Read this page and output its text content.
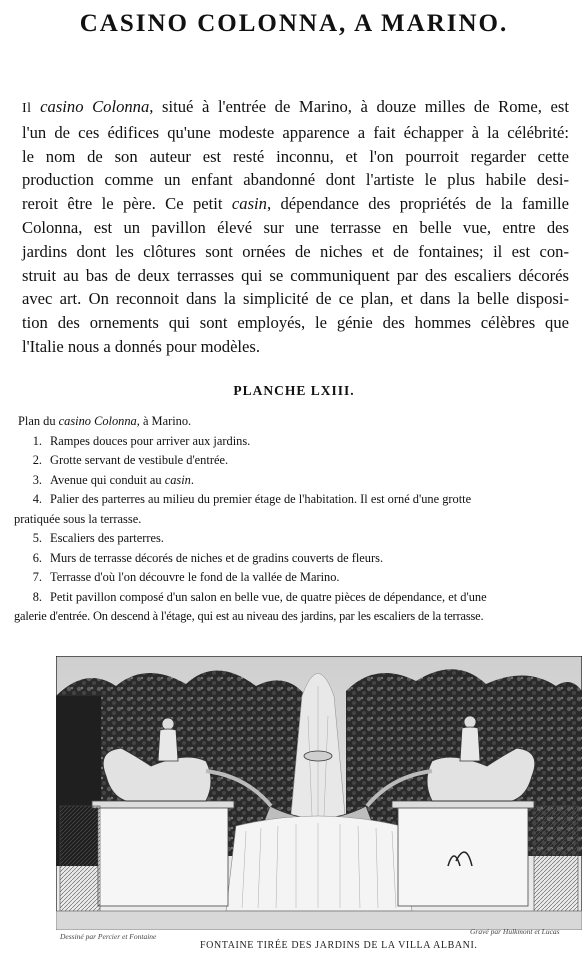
CASINO COLONNA, A MARINO.
Il casino Colonna, situé à l'entrée de Marino, à douze milles de Rome, est
l'un de ces édifices qu'une modeste apparence a fait échapper à la célébrité:
le nom de son auteur est resté inconnu, et l'on pourroit regarder cette
production comme un enfant abandonné dont l'artiste le plus habile desi-
reroit être le père. Ce petit casin, dépendance des propriétés de la famille
Colonna, est un pavillon élevé sur une terrasse en belle vue, entre des
jardins dont les clôtures sont ornées de niches et de fontaines; il est con-
struit au bas de deux terrasses qui se communiquent par des escaliers décorés
avec art. On reconnoit dans la simplicité de ce plan, et dans la belle disposi-
tion des ornements qui sont employés, le génie des hommes célèbres que
l'Italie nous a donnés pour modèles.
PLANCHE LXIII.
Plan du casino Colonna, à Marino.
1. Rampes douces pour arriver aux jardins.
2. Grotte servant de vestibule d'entrée.
3. Avenue qui conduit au casin.
4. Palier des parterres au milieu du premier étage de l'habitation. Il est orné d'une grotte
pratiquée sous la terrasse.
5. Escaliers des parterres.
6. Murs de terrasse décorés de niches et de gradins couverts de fleurs.
7. Terrasse d'où l'on découvre le fond de la vallée de Marino.
8. Petit pavillon composé d'un salon en belle vue, de quatre pièces de dépendance, et d'une
galerie d'entrée. On descend à l'étage, qui est au niveau des jardins, par les escaliers de la terrasse.
Dessiné par Percier et Fontaine
Gravé par Hulkmont et Lucas
FONTAINE TIRÉE DES JARDINS DE LA VILLA ALBANI.
